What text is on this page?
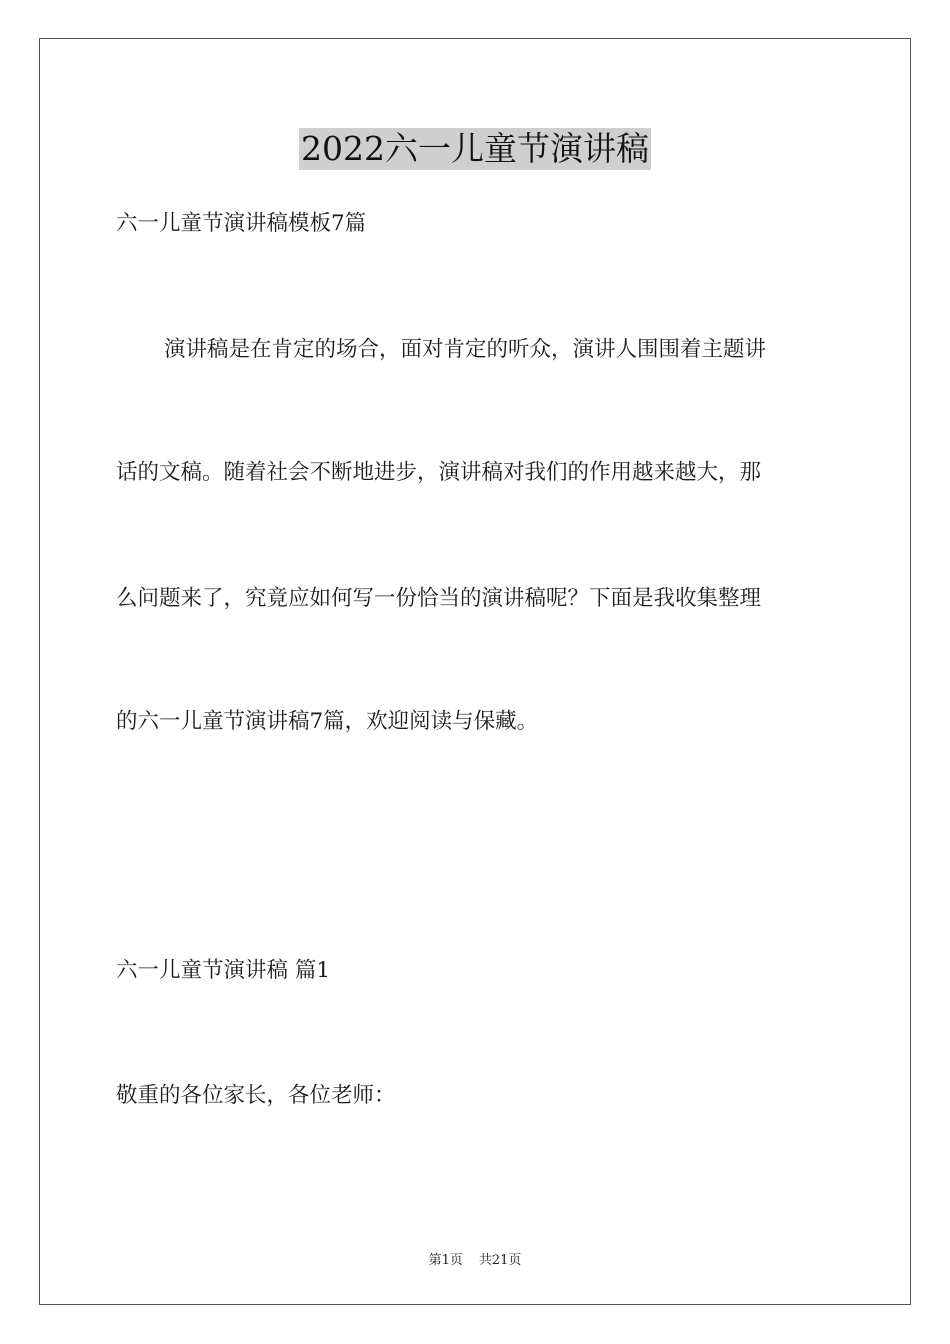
2022六一儿童节演讲稿
六一儿童节演讲稿模板7篇
演讲稿是在肯定的场合，面对肯定的听众，演讲人围围着主题讲
话的文稿。随着社会不断地进步，演讲稿对我们的作用越来越大，那
么问题来了，究竟应如何写一份恰当的演讲稿呢？下面是我收集整理
的六一儿童节演讲稿7篇，欢迎阅读与保藏。
六一儿童节演讲稿 篇1
敬重的各位家长，各位老师：
第1页 共21页
